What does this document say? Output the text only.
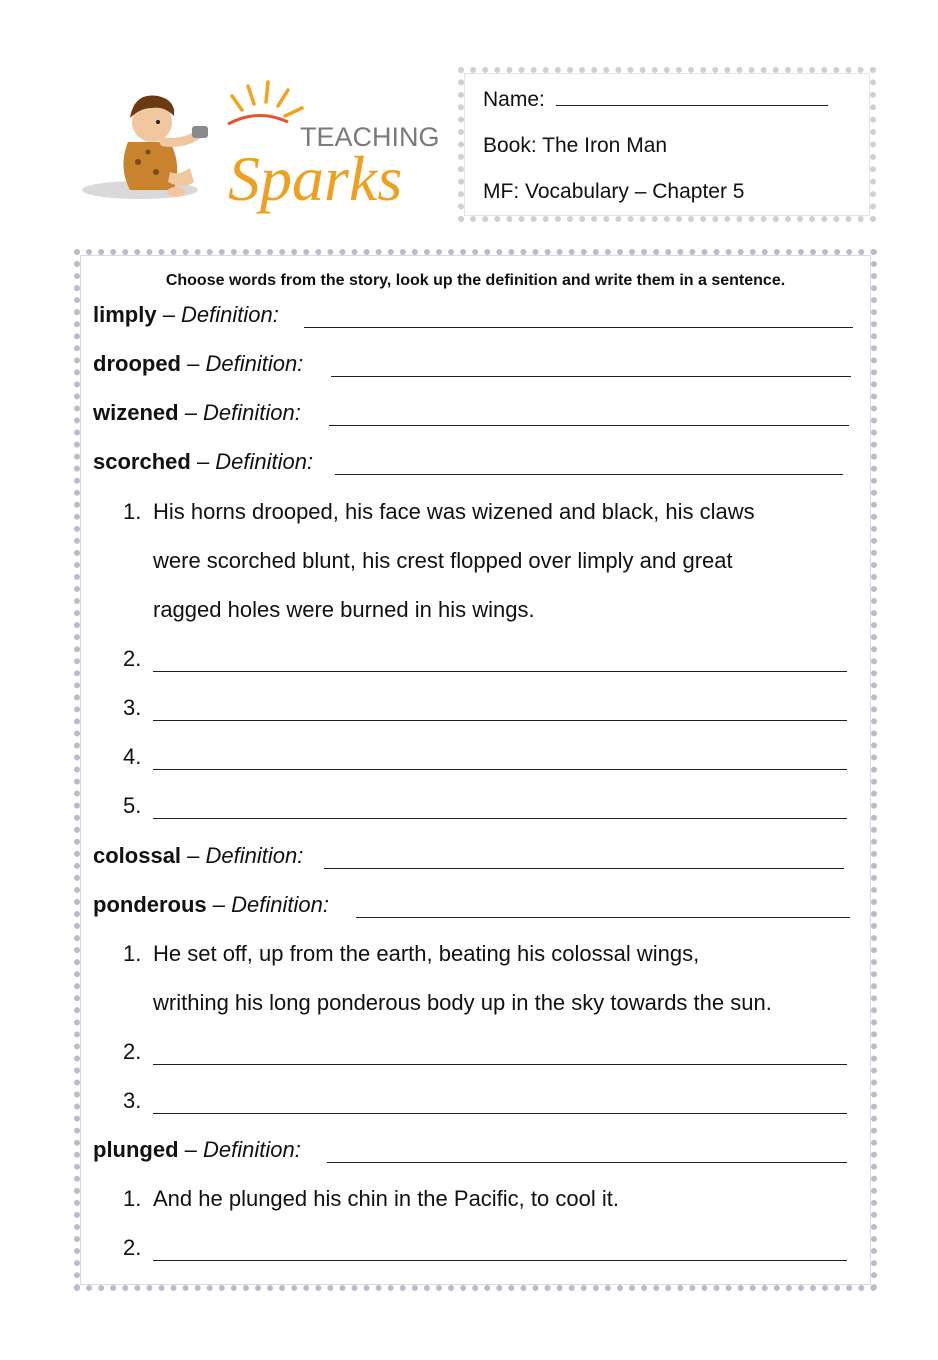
TEACHING
Sparks
Name:
Book: The Iron Man
MF: Vocabulary – Chapter 5
Choose words from the story, look up the definition and write them in a sentence.
limply – Definition:
drooped – Definition:
wizened – Definition:
scorched – Definition:
1. His horns drooped, his face was wizened and black, his claws
were scorched blunt, his crest flopped over limply and great
ragged holes were burned in his wings.
2.
3.
4.
5.
colossal – Definition:
ponderous – Definition:
1. He set off, up from the earth, beating his colossal wings,
writhing his long ponderous body up in the sky towards the sun.
2.
3.
plunged – Definition:
1. And he plunged his chin in the Pacific, to cool it.
2.
